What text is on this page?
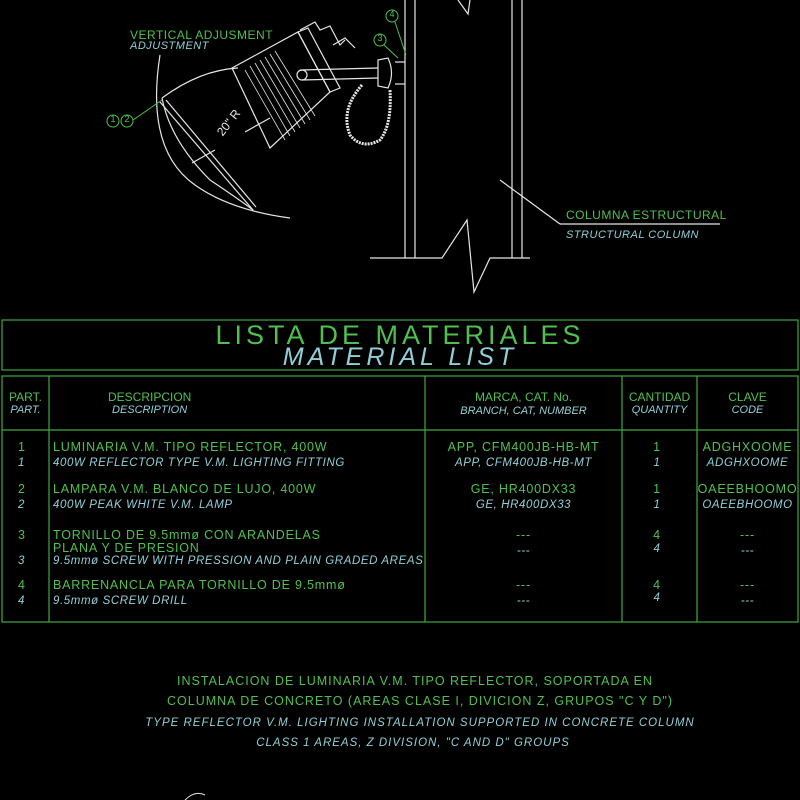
VERTICAL ADJUSMENT
ADJUSTMENT
20" R
1 2
3
4
COLUMNA ESTRUCTURAL
STRUCTURAL COLUMN
LISTA DE MATERIALES
MATERIAL LIST
PART.
PART.
DESCRIPCION
DESCRIPTION
MARCA, CAT. No.
BRANCH, CAT, NUMBER
CANTIDAD
QUANTITY
CLAVE
CODE
1
1
LUMINARIA V.M. TIPO REFLECTOR, 400W
400W REFLECTOR TYPE V.M. LIGHTING FITTING
APP, CFM400JB-HB-MT
APP, CFM400JB-HB-MT
1
1
ADGHXOOME
ADGHXOOME
2
2
LAMPARA V.M. BLANCO DE LUJO, 400W
400W PEAK WHITE V.M. LAMP
GE, HR400DX33
GE, HR400DX33
1
1
OAEEBHOOMO
OAEEBHOOMO
3
3
TORNILLO DE 9.5mmø CON ARANDELAS
PLANA Y DE PRESION
9.5mmø SCREW WITH PRESSION AND PLAIN GRADED AREAS
---
---
4
4
---
---
4
4
BARRENANCLA PARA TORNILLO DE 9.5mmø
9.5mmø SCREW DRILL
---
---
4
4
---
---
INSTALACION DE LUMINARIA V.M. TIPO REFLECTOR, SOPORTADA EN
COLUMNA DE CONCRETO (AREAS CLASE I, DIVICION Z, GRUPOS "C Y D")
TYPE REFLECTOR V.M. LIGHTING INSTALLATION SUPPORTED IN CONCRETE COLUMN
CLASS 1 AREAS, Z DIVISION, "C AND D" GROUPS
